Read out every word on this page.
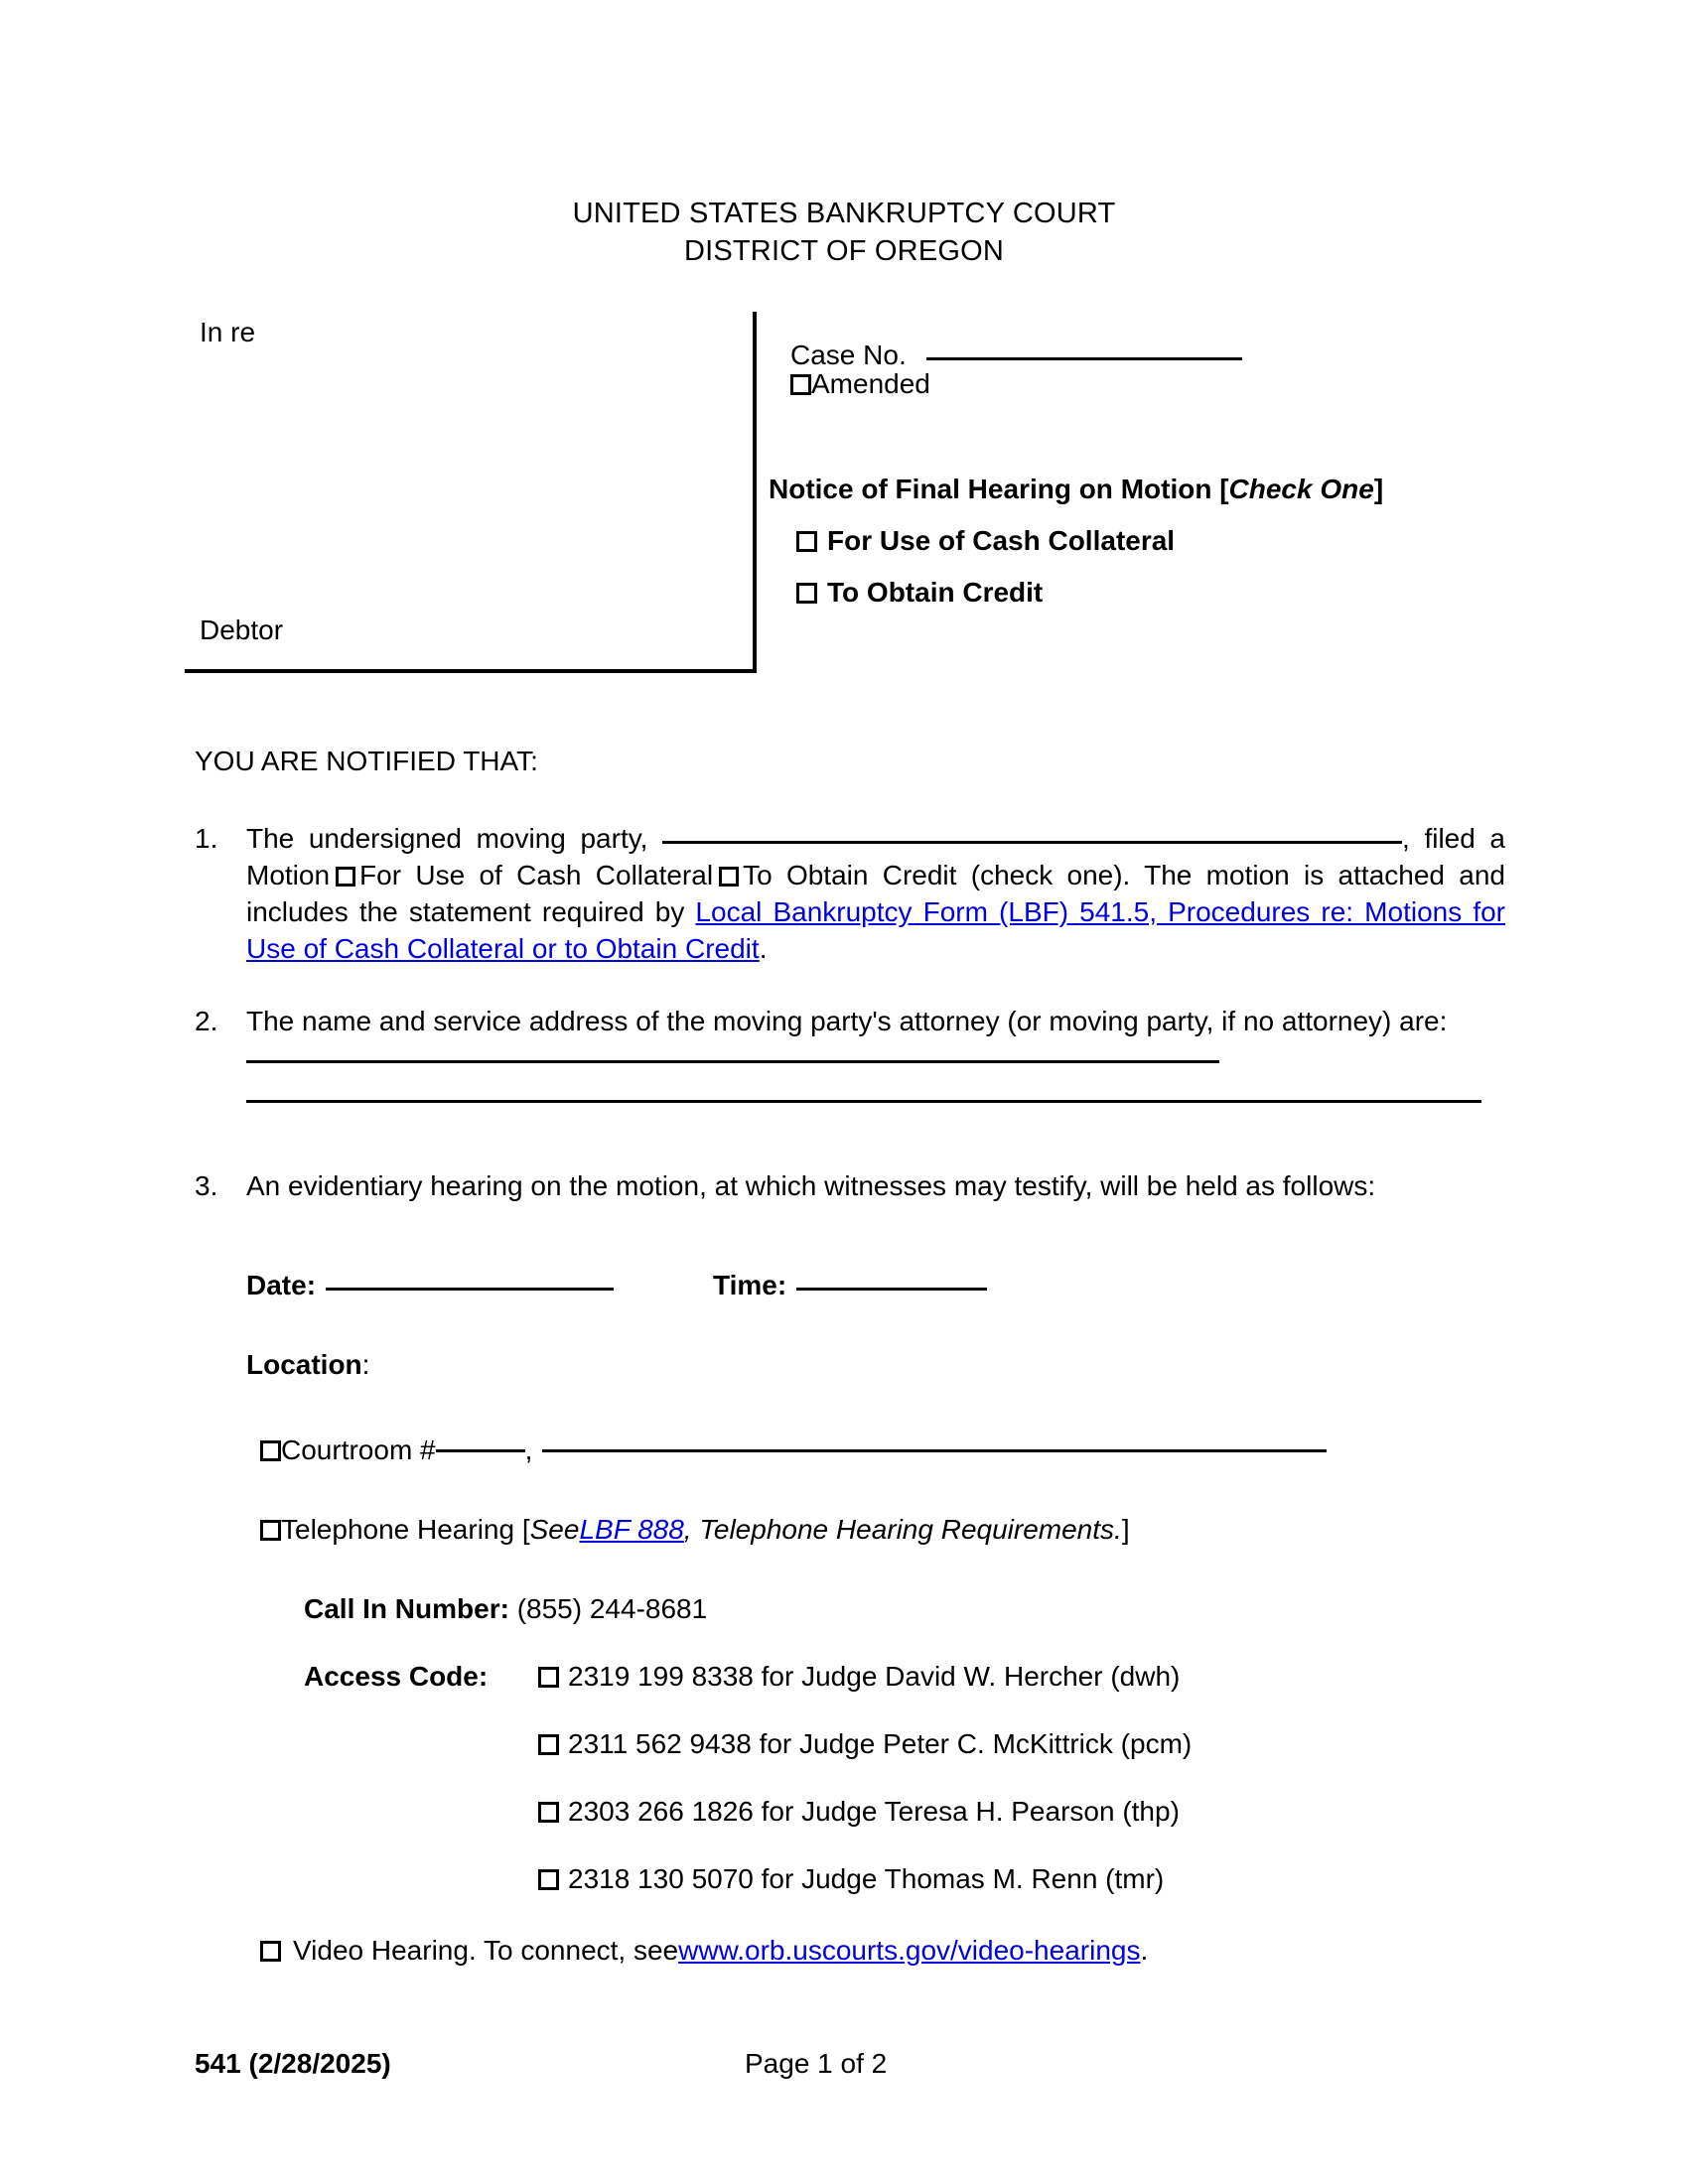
UNITED STATES BANKRUPTCY COURT
DISTRICT OF OREGON
In re
Debtor
Case No.
Amended
Notice of Final Hearing on Motion [Check One]
For Use of Cash Collateral
To Obtain Credit
YOU ARE NOTIFIED THAT:
1.	The undersigned moving party,	, filed a Motion For Use of Cash Collateral To Obtain Credit (check one). The motion is attached and includes the statement required by Local Bankruptcy Form (LBF) 541.5, Procedures re: Motions for Use of Cash Collateral or to Obtain Credit.
2.	The name and service address of the moving party's attorney (or moving party, if no attorney) are:
3.	An evidentiary hearing on the motion, at which witnesses may testify, will be held as follows:
Date:	Time:
Location:
Courtroom #	,
Telephone Hearing [ See LBF 888 , Telephone Hearing Requirements. ]
Call In Number: (855) 244-8681
Access Code:	2319 199 8338
for Judge David W. Hercher (dwh)
2311 562 9438
for Judge Peter C. McKittrick (pcm)
2303 266 1826
for Judge Teresa H. Pearson (thp)
2318 130 5070
for Judge Thomas M. Renn (tmr)
Video Hearing. To connect, see www.orb.uscourts.gov/video-hearings .
541 (2/28/2025)	Page 1 of 2
